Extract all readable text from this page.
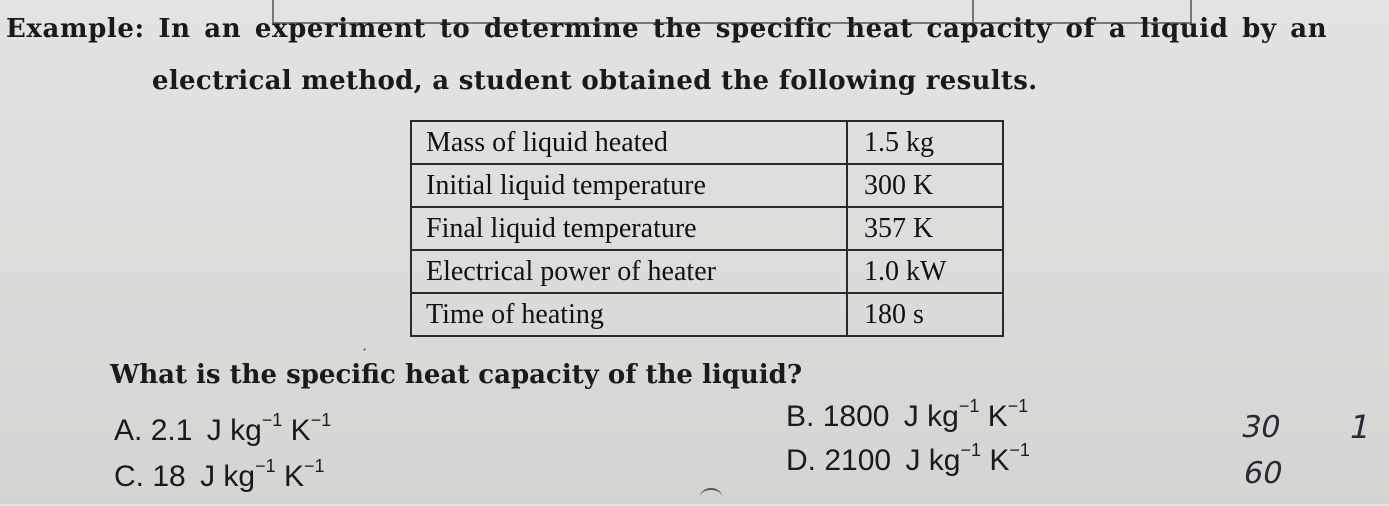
Example: In an experiment to determine the specific heat capacity of a liquid by an
electrical method, a student obtained the following results.
Mass of liquid heated	1.5 kg
Initial liquid temperature	300 K
Final liquid temperature	357 K
Electrical power of heater	1.0 kW
Time of heating	180 s
·
What is the specific heat capacity of the liquid?
A. 2.1 J $kg^{-1}$ $K^{-1}$	B. 1800 J $kg^{-1}$ $K^{-1}$
C. 18 J $kg^{-1}$ $K^{-1}$	D. 2100 J $kg^{-1}$ $K^{-1}$
30
60
1
